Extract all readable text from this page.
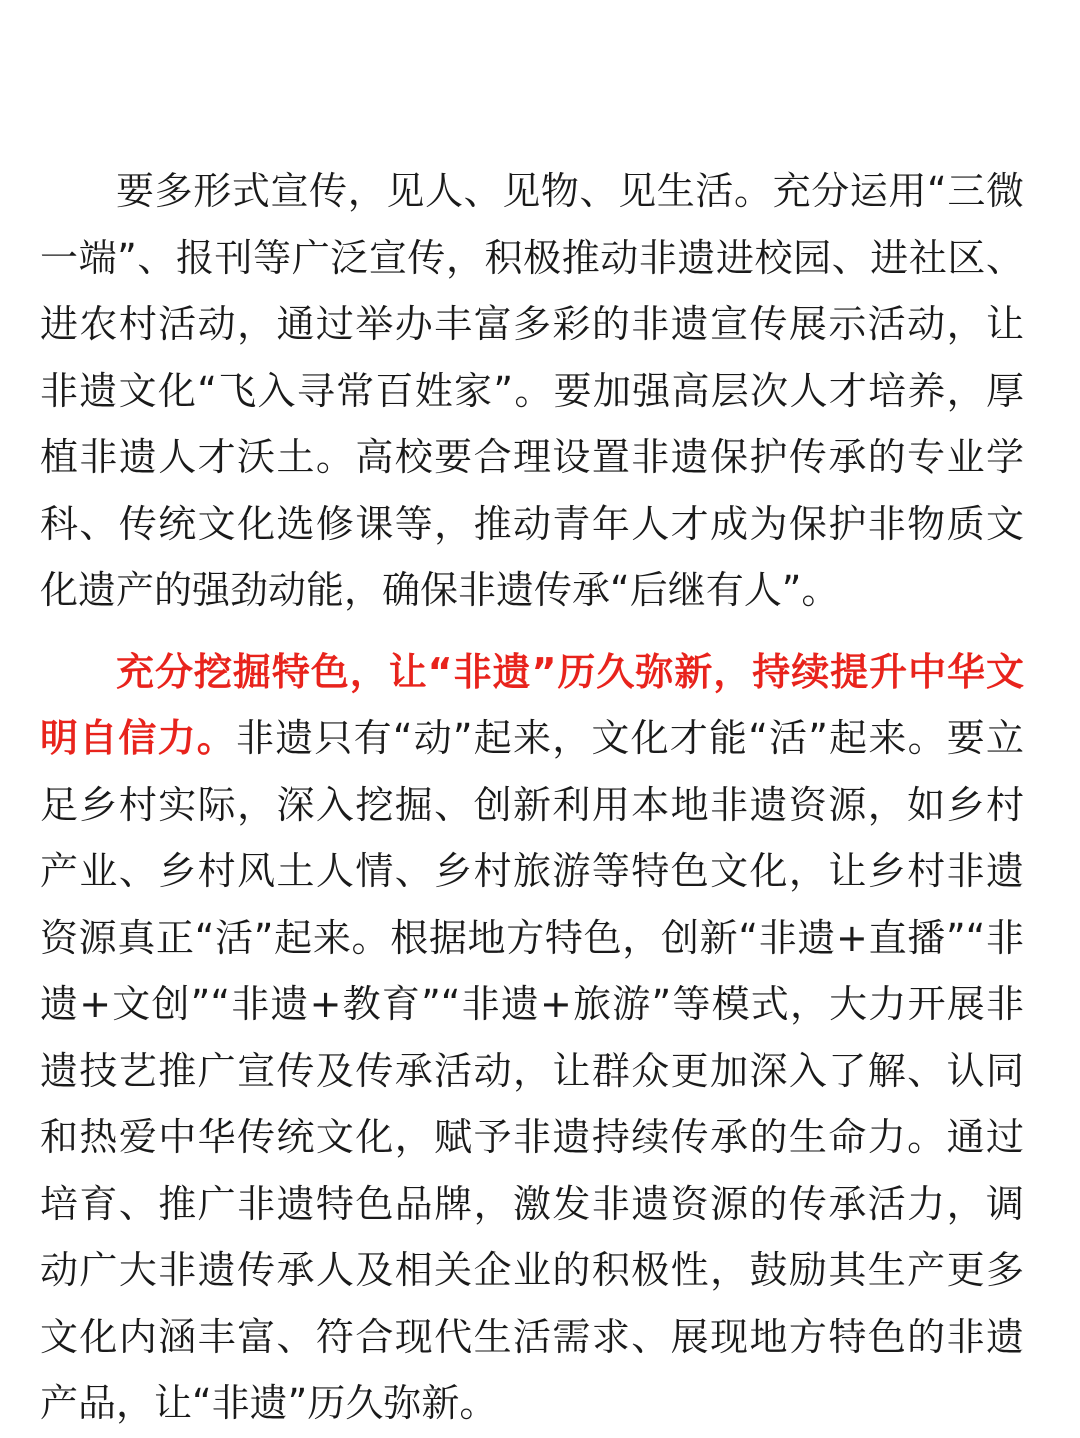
要多形式宣传，见人、见物、见生活。充分运用“三微一端”、报刊等广泛宣传，积极推动非遗进校园、进社区、进农村活动，通过举办丰富多彩的非遗宣传展示活动，让非遗文化“飞入寻常百姓家”。要加强高层次人才培养，厚植非遗人才沃土。高校要合理设置非遗保护传承的专业学科、传统文化选修课等，推动青年人才成为保护非物质文化遗产的强劲动能，确保非遗传承“后继有人”。

充分挖掘特色，让“非遗”历久弥新，持续提升中华文明自信力。非遗只有“动”起来，文化才能“活”起来。要立足乡村实际，深入挖掘、创新利用本地非遗资源，如乡村产业、乡村风土人情、乡村旅游等特色文化，让乡村非遗资源真正“活”起来。根据地方特色，创新“非遗+直播”“非遗+文创”“非遗+教育”“非遗+旅游”等模式，大力开展非遗技艺推广宣传及传承活动，让群众更加深入了解、认同和热爱中华传统文化，赋予非遗持续传承的生命力。通过培育、推广非遗特色品牌，激发非遗资源的传承活力，调动广大非遗传承人及相关企业的积极性，鼓励其生产更多文化内涵丰富、符合现代生活需求、展现地方特色的非遗产品，让“非遗”历久弥新。
